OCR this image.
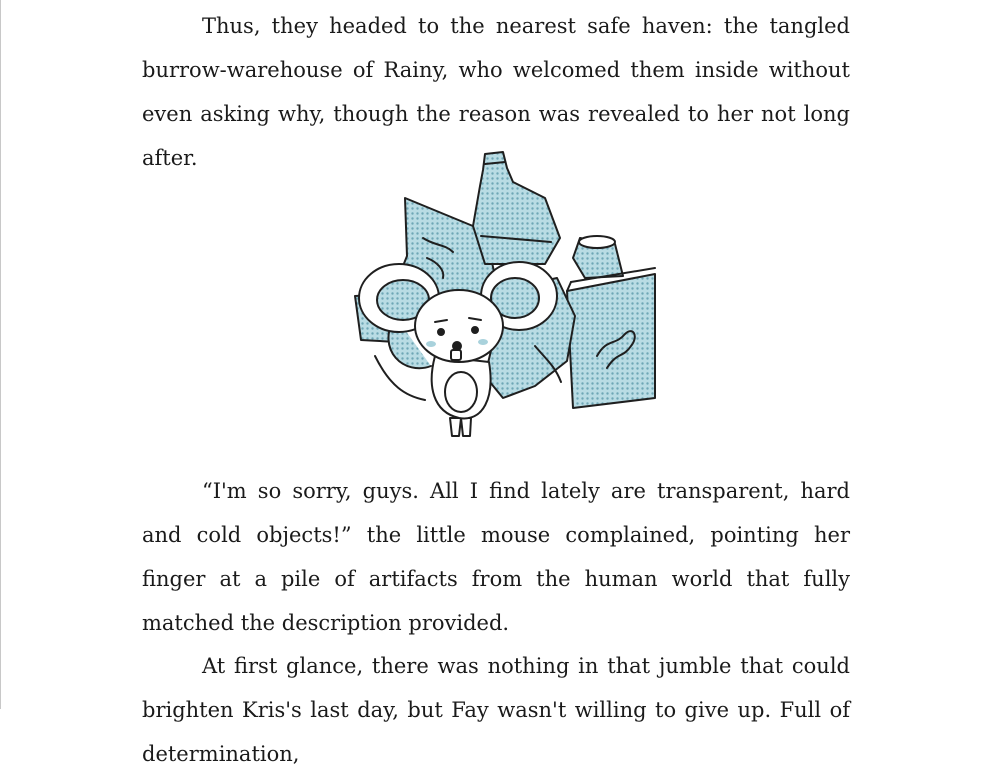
Thus, they headed to the nearest safe haven: the tangled burrow-warehouse of Rainy, who welcomed them inside without even asking why, though the reason was revealed to her not long after.

“I'm so sorry, guys. All I find lately are transparent, hard and cold objects!” the little mouse complained, pointing her finger at a pile of artifacts from the human world that fully matched the description provided.

At first glance, there was nothing in that jumble that could brighten Kris's last day, but Fay wasn't willing to give up. Full of determination,
